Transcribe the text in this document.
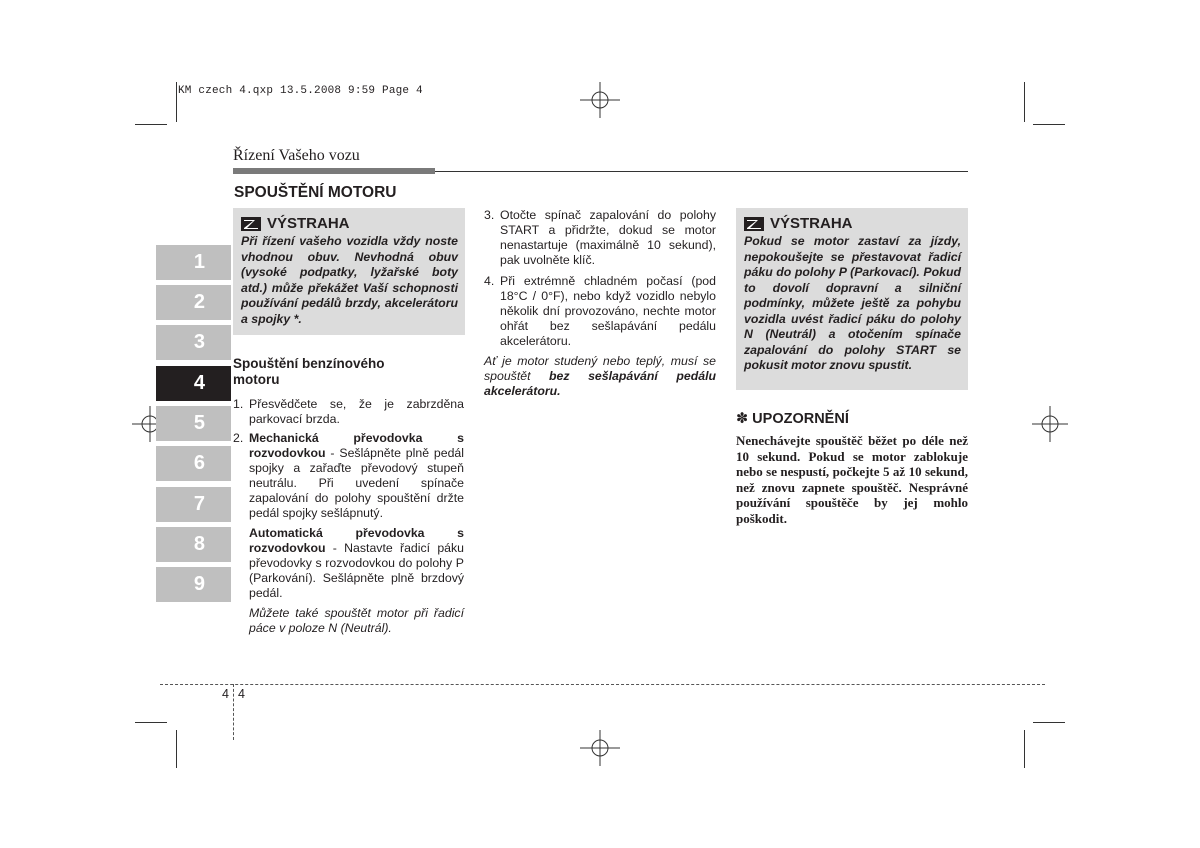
KM czech 4.qxp 13.5.2008 9:59 Page 4
Řízení Vašeho vozu
SPOUŠTĚNÍ MOTORU
1
2
3
4
5
6
7
8
9
VÝSTRAHA
Při řízení vašeho vozidla vždy noste vhodnou obuv. Nevhodná obuv (vysoké podpatky, lyžařské boty atd.) může překážet Vaší schopnosti používání pedálů brzdy, akcelerátoru a spojky *.
Spouštění benzínového motoru
1. Přesvědčete se, že je zabrzděna parkovací brzda.
2. Mechanická převodovka s rozvodovkou - Sešlápněte plně pedál spojky a zařaďte převodový stupeň neutrálu. Při uvedení spínače zapalování do polohy spouštění držte pedál spojky sešlápnutý.
Automatická převodovka s rozvodovkou - Nastavte řadicí páku převodovky s rozvodovkou do polohy P (Parkování). Sešlápněte plně brzdový pedál.
Můžete také spouštět motor při řadicí páce v poloze N (Neutrál).
3. Otočte spínač zapalování do polohy START a přidržte, dokud se motor nenastartuje (maximálně 10 sekund), pak uvolněte klíč.
4. Při extrémně chladném počasí (pod 18°C / 0°F), nebo když vozidlo nebylo několik dní provozováno, nechte motor ohřát bez sešlapávání pedálu akcelerátoru.
Ať je motor studený nebo teplý, musí se spouštět bez sešlapávání pedálu akcelerátoru.
VÝSTRAHA
Pokud se motor zastaví za jízdy, nepokoušejte se přestavovat řadicí páku do polohy P (Parkovací). Pokud to dovolí dopravní a silniční podmínky, můžete ještě za pohybu vozidla uvést řadicí páku do polohy N (Neutrál) a otočením spínače zapalování do polohy START se pokusit motor znovu spustit.
✽ UPOZORNĚNÍ
Nenechávejte spouštěč běžet po déle než 10 sekund. Pokud se motor zablokuje nebo se nespustí, počkejte 5 až 10 sekund, než znovu zapnete spouštěč. Nesprávné používání spouštěče by jej mohlo poškodit.
4 4
